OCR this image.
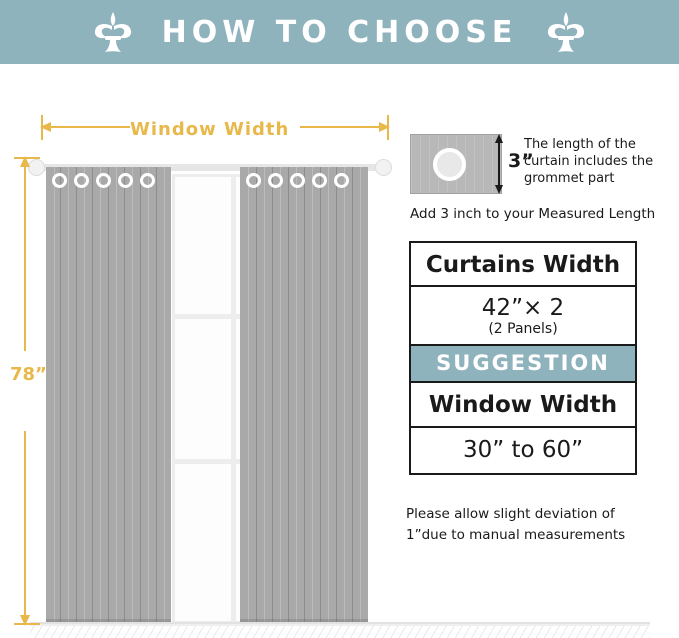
HOW TO CHOOSE
Window Width
78”
3”
The length of the curtain includes the grommet part
Add 3 inch to your Measured Length
Curtains Width
42”× 2
(2 Panels)
SUGGESTION
Window Width
30” to 60”
Please allow slight deviation of
1”due to manual measurements
